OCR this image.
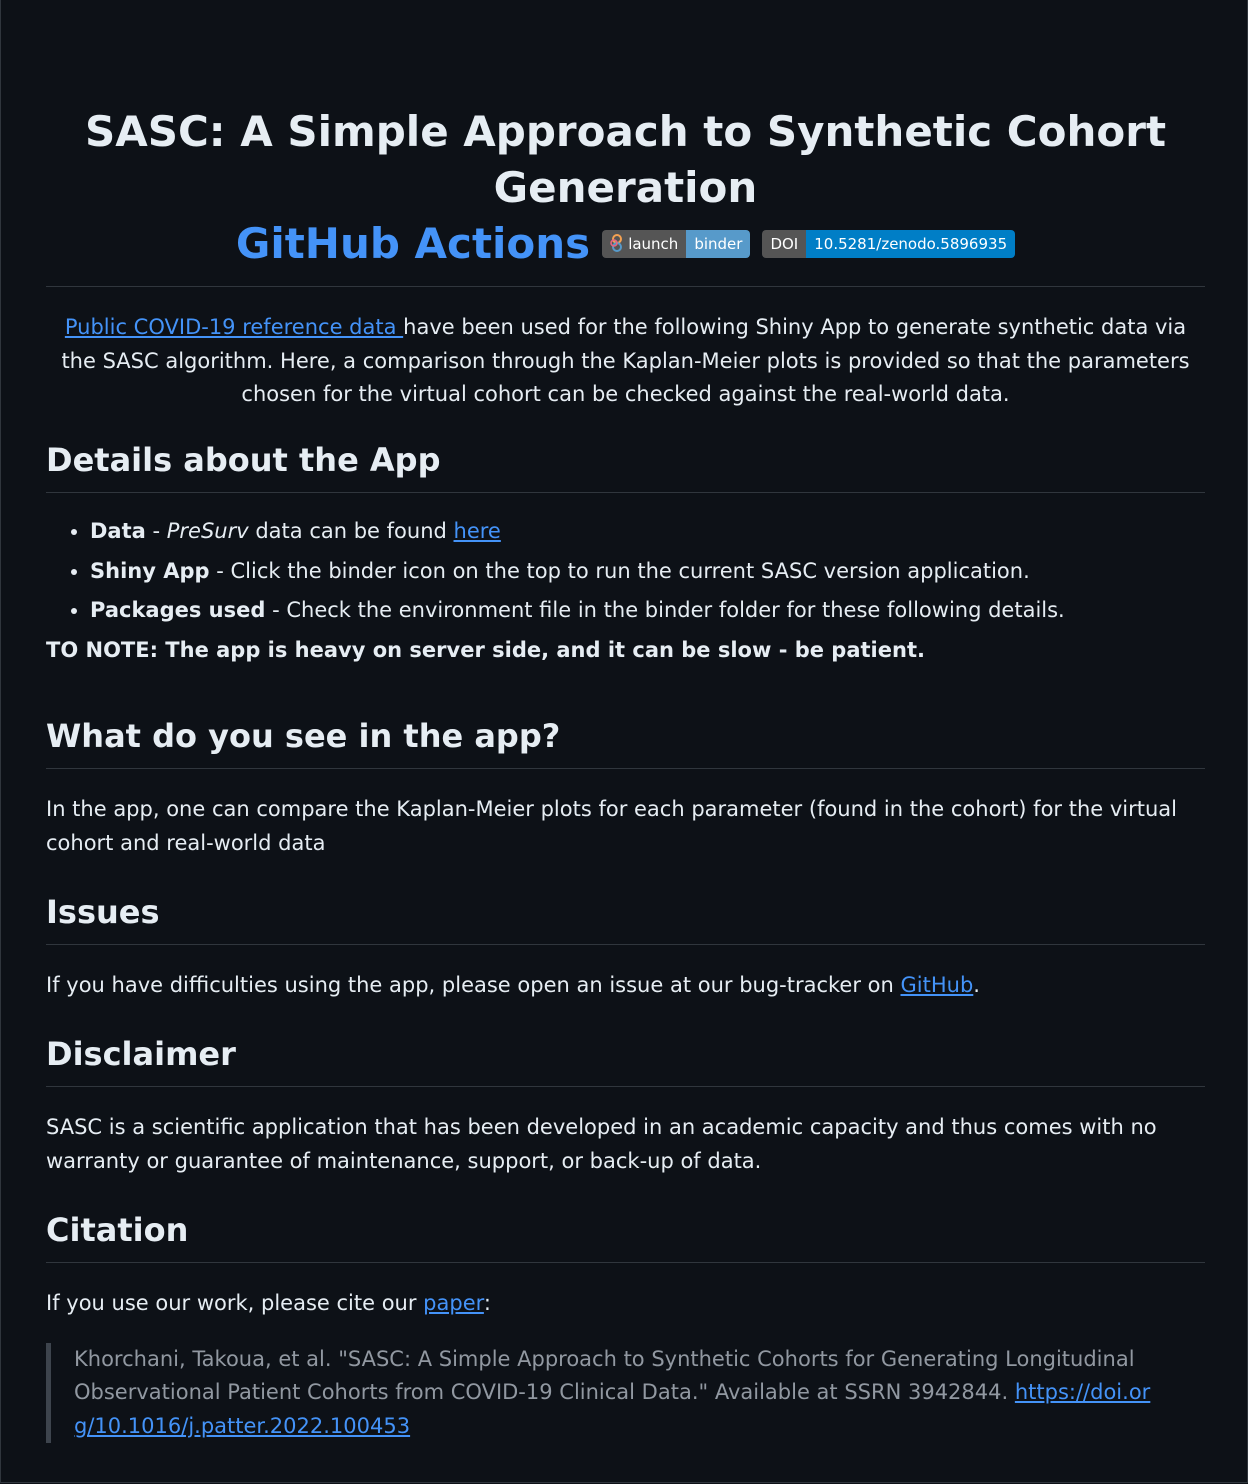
SASC: A Simple Approach to Synthetic Cohort Generation
GitHub Actions	launch	binder	DOI	10.5281/zenodo.5896935

Public COVID-19 reference data have been used for the following Shiny App to generate synthetic data via the SASC algorithm. Here, a comparison through the Kaplan-Meier plots is provided so that the parameters chosen for the virtual cohort can be checked against the real-world data.

Details about the App
• Data - PreSurv data can be found here
• Shiny App - Click the binder icon on the top to run the current SASC version application.
• Packages used - Check the environment file in the binder folder for these following details.
TO NOTE: The app is heavy on server side, and it can be slow - be patient.
What do you see in the app?

In the app, one can compare the Kaplan-Meier plots for each parameter (found in the cohort) for the virtual cohort and real-world data

Issues

If you have difficulties using the app, please open an issue at our bug-tracker on GitHub.

Disclaimer

SASC is a scientific application that has been developed in an academic capacity and thus comes with no warranty or guarantee of maintenance, support, or back-up of data.

Citation

If you use our work, please cite our paper:

Khorchani, Takoua, et al. "SASC: A Simple Approach to Synthetic Cohorts for Generating Longitudinal Observational Patient Cohorts from COVID-19 Clinical Data." Available at SSRN 3942844. https://doi.org/10.1016/j.patter.2022.100453
